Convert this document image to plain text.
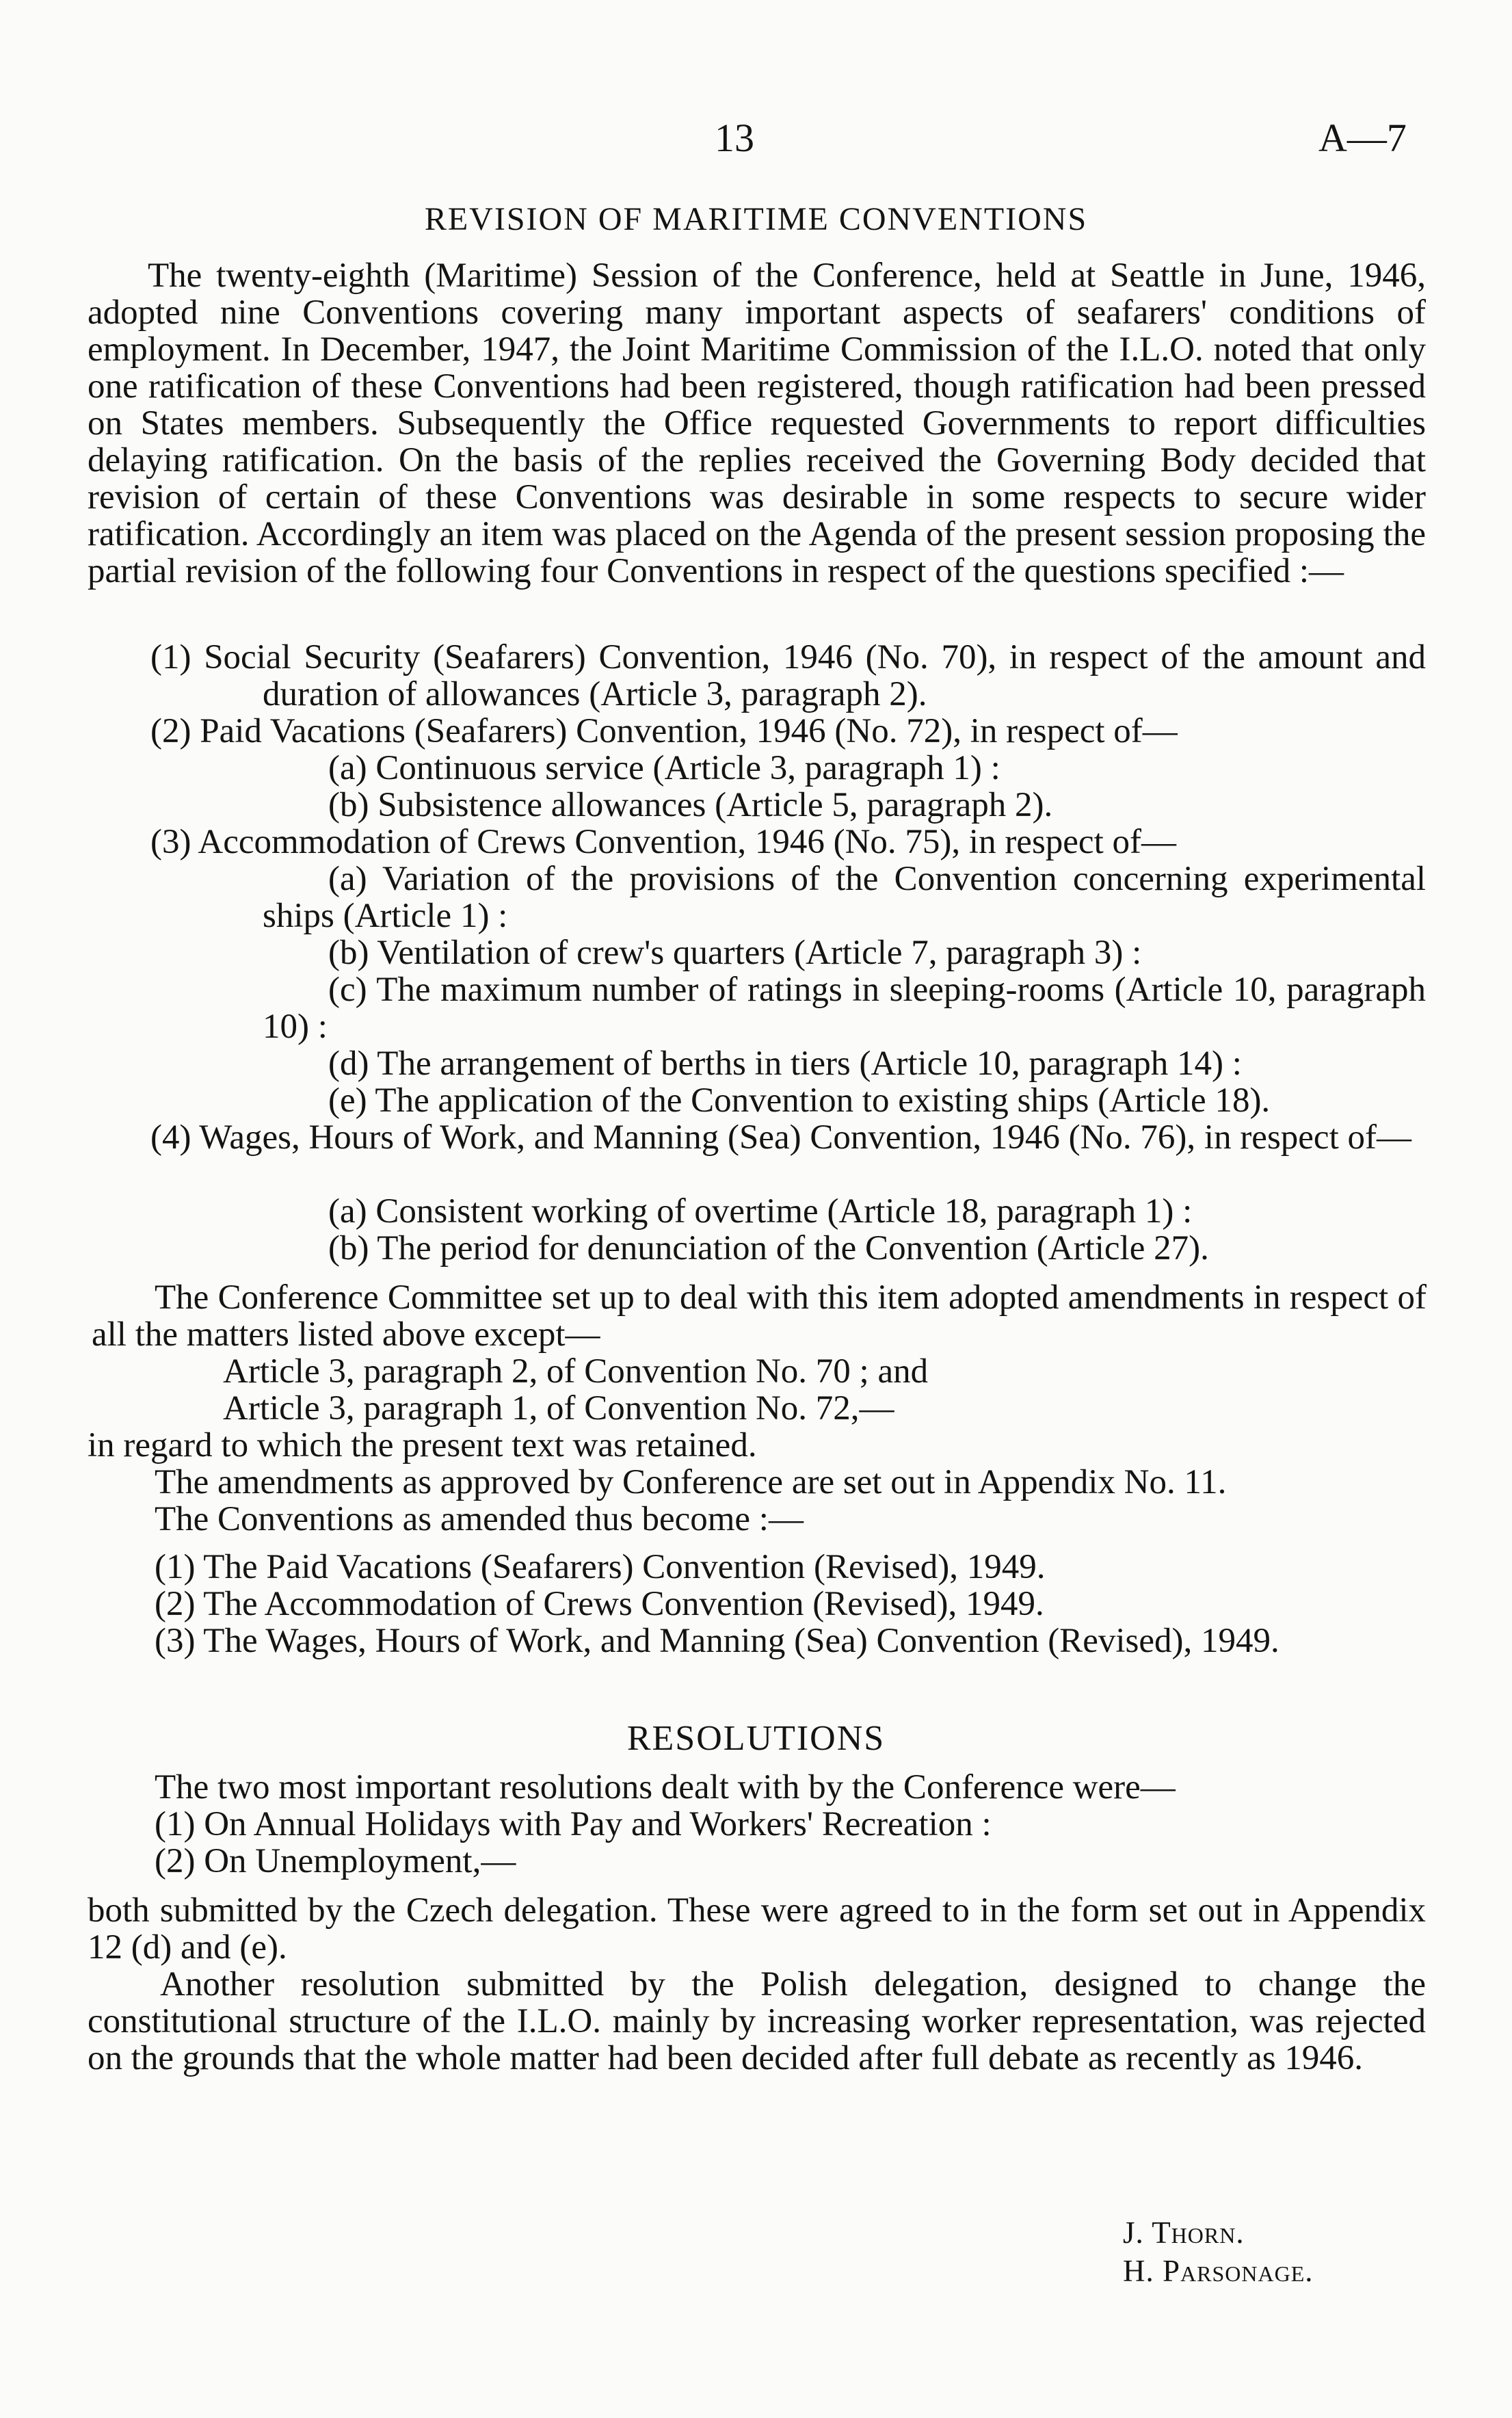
13	A—7
REVISION OF MARITIME CONVENTIONS
The twenty-eighth (Maritime) Session of the Conference, held at Seattle in June, 1946, adopted nine Conventions covering many important aspects of seafarers' conditions of employment. In December, 1947, the Joint Maritime Commission of the I.L.O. noted that only one ratification of these Conventions had been registered, though ratification had been pressed on States members. Subsequently the Office requested Governments to report difficulties delaying ratification. On the basis of the replies received the Governing Body decided that revision of certain of these Conventions was desirable in some respects to secure wider ratification. Accordingly an item was placed on the Agenda of the present session proposing the partial revision of the following four Conventions in respect of the questions specified :—
(1) Social Security (Seafarers) Convention, 1946 (No. 70), in respect of the amount and duration of allowances (Article 3, paragraph 2).
(2) Paid Vacations (Seafarers) Convention, 1946 (No. 72), in respect of—
(a) Continuous service (Article 3, paragraph 1) :
(b) Subsistence allowances (Article 5, paragraph 2).
(3) Accommodation of Crews Convention, 1946 (No. 75), in respect of—
(a) Variation of the provisions of the Convention concerning experimental ships (Article 1) :
(b) Ventilation of crew's quarters (Article 7, paragraph 3) :
(c) The maximum number of ratings in sleeping-rooms (Article 10, paragraph 10) :
(d) The arrangement of berths in tiers (Article 10, paragraph 14) :
(e) The application of the Convention to existing ships (Article 18).
(4) Wages, Hours of Work, and Manning (Sea) Convention, 1946 (No. 76), in respect of—
(a) Consistent working of overtime (Article 18, paragraph 1) :
(b) The period for denunciation of the Convention (Article 27).
The Conference Committee set up to deal with this item adopted amendments in respect of all the matters listed above except—
Article 3, paragraph 2, of Convention No. 70 ; and
Article 3, paragraph 1, of Convention No. 72,—
in regard to which the present text was retained.
The amendments as approved by Conference are set out in Appendix No. 11.
The Conventions as amended thus become :—
(1) The Paid Vacations (Seafarers) Convention (Revised), 1949.
(2) The Accommodation of Crews Convention (Revised), 1949.
(3) The Wages, Hours of Work, and Manning (Sea) Convention (Revised), 1949.
RESOLUTIONS
The two most important resolutions dealt with by the Conference were—
(1) On Annual Holidays with Pay and Workers' Recreation :
(2) On Unemployment,—
both submitted by the Czech delegation. These were agreed to in the form set out in Appendix 12 (d) and (e).
Another resolution submitted by the Polish delegation, designed to change the constitutional structure of the I.L.O. mainly by increasing worker representation, was rejected on the grounds that the whole matter had been decided after full debate as recently as 1946.
J. Thorn.
H. Parsonage.
